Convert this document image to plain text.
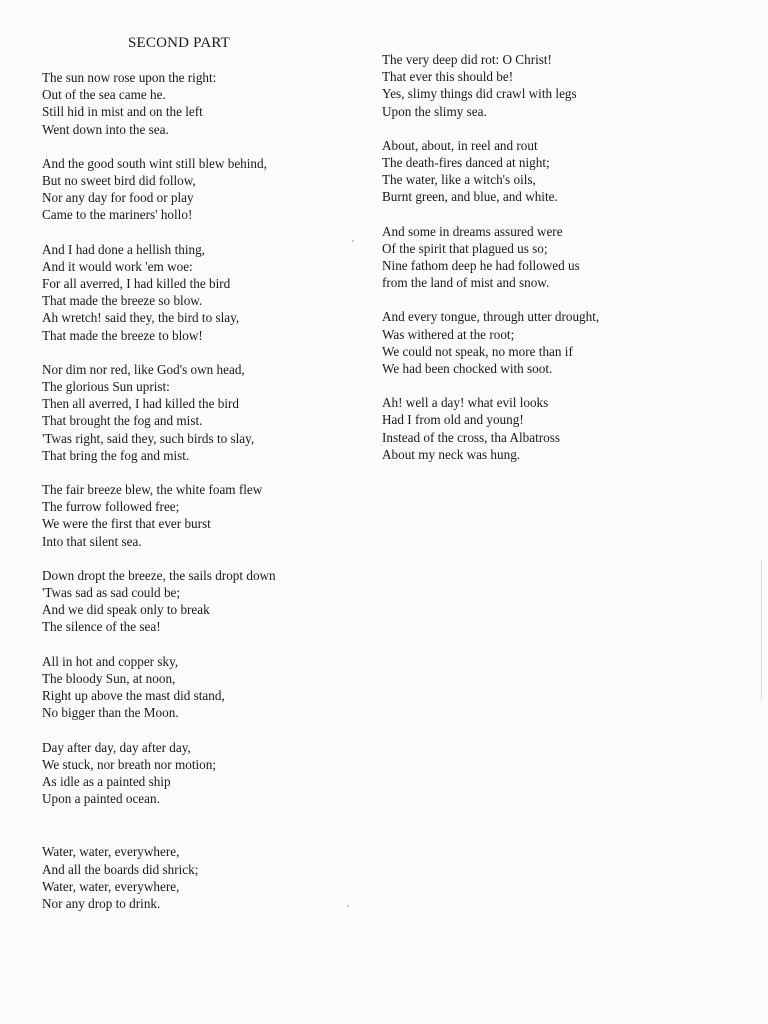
SECOND PART
The sun now rose upon the right:
Out of the sea came he.
Still hid in mist and on the left
Went down into the sea.
And the good south wint still blew behind,
But no sweet bird did follow,
Nor any day for food or play
Came to the mariners' hollo!
And I had done a hellish thing,
And it would work 'em woe:
For all averred, I had killed the bird
That made the breeze so blow.
Ah wretch! said they, the bird to slay,
That made the breeze to blow!
Nor dim nor red, like God's own head,
The glorious Sun uprist:
Then all averred, I had killed the bird
That brought the fog and mist.
'Twas right, said they, such birds to slay,
That bring the fog and mist.
The fair breeze blew, the white foam flew
The furrow followed free;
We were the first that ever burst
Into that silent sea.
Down dropt the breeze, the sails dropt down
'Twas sad as sad could be;
And we did speak only to break
The silence of the sea!
All in hot and copper sky,
The bloody Sun, at noon,
Right up above the mast did stand,
No bigger than the Moon.
Day after day, day after day,
We stuck, nor breath nor motion;
As idle as a painted ship
Upon a painted ocean.
Water, water, everywhere,
And all the boards did shrick;
Water, water, everywhere,
Nor any drop to drink.
The very deep did rot: O Christ!
That ever this should be!
Yes, slimy things did crawl with legs
Upon the slimy sea.
About, about, in reel and rout
The death-fires danced at night;
The water, like a witch's oils,
Burnt green, and blue, and white.
And some in dreams assured were
Of the spirit that plagued us so;
Nine fathom deep he had followed us
from the land of mist and snow.
And every tongue, through utter drought,
Was withered at the root;
We could not speak, no more than if
We had been chocked with soot.
Ah! well a day! what evil looks
Had I from old and young!
Instead of the cross, tha Albatross
About my neck was hung.
